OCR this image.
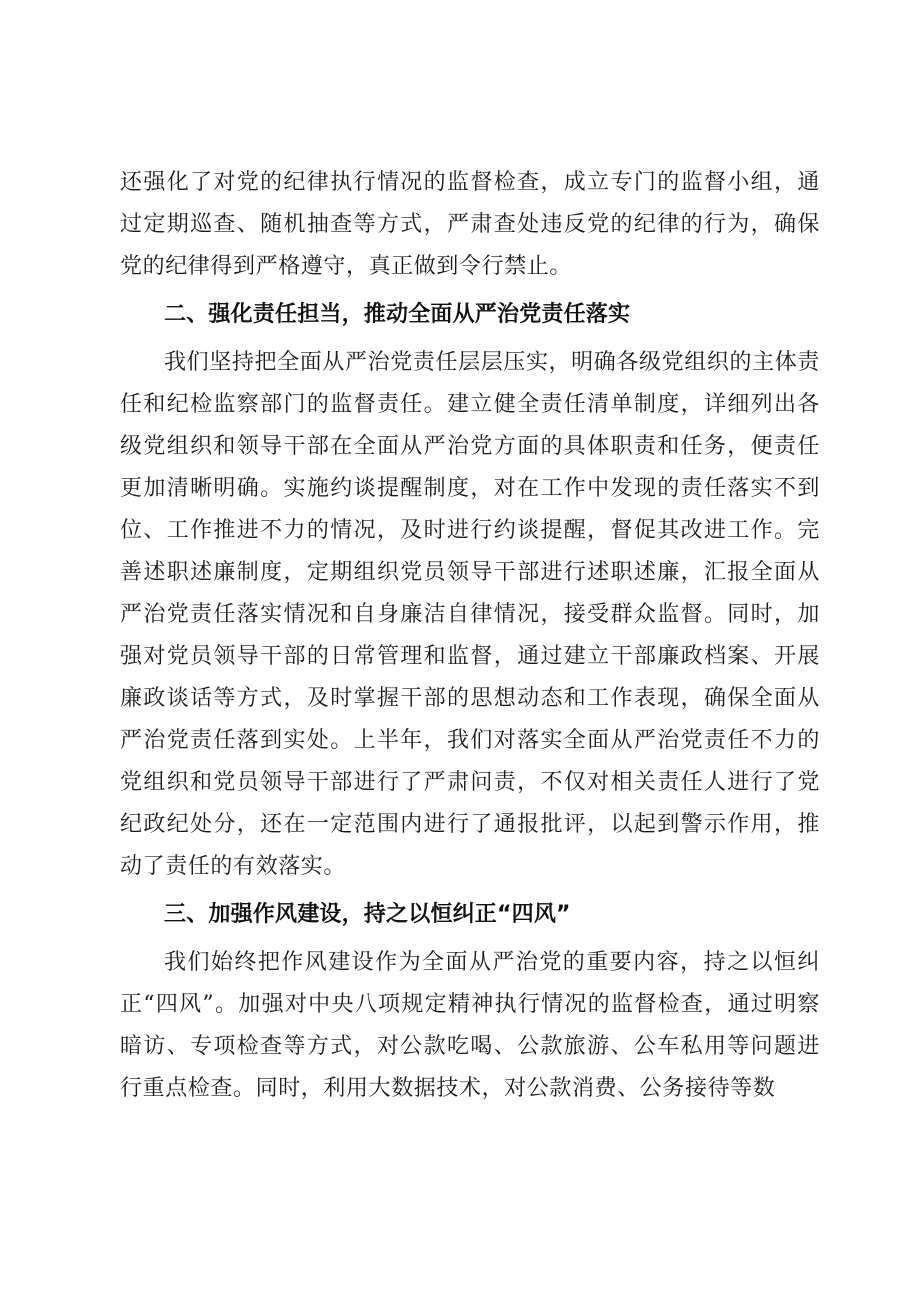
还强化了对党的纪律执行情况的监督检查，成立专门的监督小组，通过定期巡查、随机抽查等方式，严肃查处违反党的纪律的行为，确保党的纪律得到严格遵守，真正做到令行禁止。

二、强化责任担当，推动全面从严治党责任落实

我们坚持把全面从严治党责任层层压实，明确各级党组织的主体责任和纪检监察部门的监督责任。建立健全责任清单制度，详细列出各级党组织和领导干部在全面从严治党方面的具体职责和任务，便责任更加清晰明确。实施约谈提醒制度，对在工作中发现的责任落实不到位、工作推进不力的情况，及时进行约谈提醒，督促其改进工作。完善述职述廉制度，定期组织党员领导干部进行述职述廉，汇报全面从严治党责任落实情况和自身廉洁自律情况，接受群众监督。同时，加强对党员领导干部的日常管理和监督，通过建立干部廉政档案、开展廉政谈话等方式，及时掌握干部的思想动态和工作表现，确保全面从严治党责任落到实处。上半年，我们对落实全面从严治党责任不力的党组织和党员领导干部进行了严肃问责，不仅对相关责任人进行了党纪政纪处分，还在一定范围内进行了通报批评，以起到警示作用，推动了责任的有效落实。

三、加强作风建设，持之以恒纠正“四风”

我们始终把作风建设作为全面从严治党的重要内容，持之以恒纠正“四风”。加强对中央八项规定精神执行情况的监督检查，通过明察暗访、专项检查等方式，对公款吃喝、公款旅游、公车私用等问题进行重点检查。同时，利用大数据技术，对公款消费、公务接待等数
